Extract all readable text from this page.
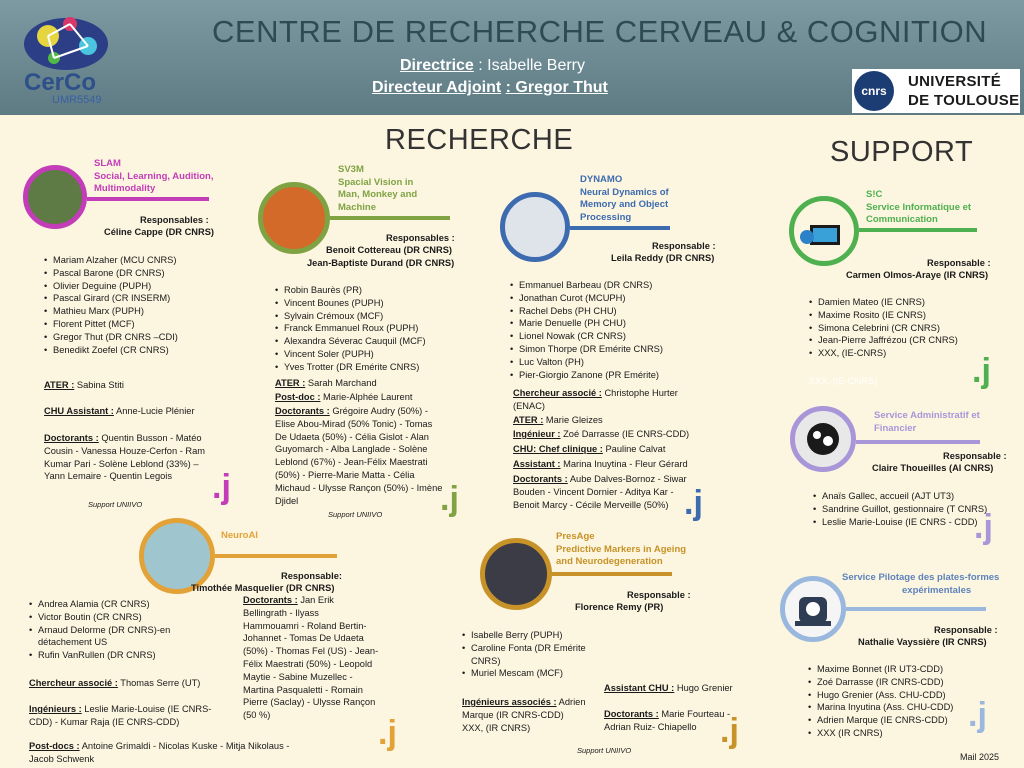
CerCo
UMR5549
CENTRE DE RECHERCHE CERVEAU & COGNITION
Directrice : Isabelle Berry
Directeur Adjoint : Gregor Thut	cnrs
UNIVERSITÉ
DE TOULOUSE
RECHERCHE	SUPPORT
SLAM
Social, Learning, Audition,
Multimodality
Responsables :
Céline Cappe (DR CNRS)
• Mariam Alzaher (MCU CNRS)
• Pascal Barone (DR CNRS)
• Olivier Deguine (PUPH)
• Pascal Girard (CR INSERM)
• Mathieu Marx (PUPH)
• Florent Pittet (MCF)
• Gregor Thut (DR CNRS –CDI)
• Benedikt Zoefel (CR CNRS)
ATER : Sabina Stiti
CHU Assistant : Anne-Lucie Plénier
Doctorants : Quentin Busson - Matéo
Cousin - Vanessa Houze-Cerfon - Ram
Kumar Pari - Solène Leblond (33%) –
Yann Lemaire - Quentin Legois
Support UNIIVO .j
SV3M
Spacial Vision in
Man, Monkey and
Machine
Responsables :
Benoit Cottereau (DR CNRS)
Jean-Baptiste Durand (DR CNRS)
• Robin Baurès (PR)
• Vincent Bounes (PUPH)
• Sylvain Crémoux (MCF)
• Franck Emmanuel Roux (PUPH)
• Alexandra Séverac Cauquil (MCF)
• Vincent Soler (PUPH)
• Yves Trotter (DR Emérite CNRS)
ATER : Sarah Marchand
Post-doc : Marie-Alphée Laurent
Doctorants : Grégoire Audry (50%) -
Elise Abou-Mirad (50% Tonic) - Tomas
De Udaeta (50%) - Célia Gislot - Alan
Guyomarch - Alba Langlade - Solène
Leblond (67%) - Jean-Félix Maestrati
(50%) - Pierre-Marie Matta - Célia
Michaud - Ulysse Rançon (50%) - Imène
Djidel
Support UNIIVO .j
DYNAMO
Neural Dynamics of
Memory and Object
Processing
Responsable :
Leila Reddy (DR CNRS)
• Emmanuel Barbeau (DR CNRS)
• Jonathan Curot (MCUPH)
• Rachel Debs (PH CHU)
• Marie Denuelle (PH CHU)
• Lionel Nowak (CR CNRS)
• Simon Thorpe (DR Emérite CNRS)
• Luc Valton (PH)
• Pier-Giorgio Zanone (PR Emérite)
Chercheur associé : Christophe Hurter
(ENAC)
ATER : Marie Gleizes
Ingénieur : Zoé Darrasse (IE CNRS-CDD)
CHU: Chef clinique : Pauline Calvat
Assistant : Marina Inuytina - Fleur Gérard
Doctorants : Aube Dalves-Bornoz - Siwar
Bouden - Vincent Dornier - Aditya Kar -
Benoit Marcy - Cécile Merveille (50%) .j
NeuroAI
Responsable:
Timothée Masquelier (DR CNRS)
• Andrea Alamia (CR CNRS)
• Victor Boutin (CR CNRS)
• Arnaud Delorme (DR CNRS)-en
détachement US
• Rufin VanRullen (DR CNRS)
Doctorants : Jan Erik
Bellingrath - Ilyass
Hammouamri - Roland Bertin-
Johannet - Tomas De Udaeta
(50%) - Thomas Fel (US) - Jean-
Félix Maestrati (50%) - Leopold
Maytie - Sabine Muzellec -
Martina Pasqualetti - Romain
Pierre (Saclay) - Ulysse Rançon
(50 %)
Chercheur associé : Thomas Serre (UT)
Ingénieurs : Leslie Marie-Louise (IE CNRS-
CDD) - Kumar Raja (IE CNRS-CDD)
Post-docs : Antoine Grimaldi - Nicolas Kuske - Mitja Nikolaus -
Jacob Schwenk
.j
PresAge
Predictive Markers in Ageing
and Neurodegeneration
Responsable :
Florence Remy (PR)
• Isabelle Berry (PUPH)
• Caroline Fonta (DR Emérite
CNRS)
• Muriel Mescam (MCF)
Ingénieurs associés : Adrien
Marque (IR CNRS-CDD)
XXX, (IR CNRS)
Assistant CHU : Hugo Grenier
Doctorants : Marie Fourteau -
Adrian Ruiz- Chiapello
Support UNIIVO
.j
S!C
Service Informatique et
Communication
Responsable :
Carmen Olmos-Araye (IR CNRS)
• Damien Mateo (IE CNRS)
• Maxime Rosito (IE CNRS)
• Simona Celebrini (CR CNRS)
• Jean-Pierre Jaffrézou (CR CNRS)
• XXX, (IE-CNRS)
XXX, (IE-CNRS)	.j
Service Administratif et
Financier
Responsable :
Claire Thoueilles (AI CNRS)
• Anaïs Gallec, accueil (AJT UT3)
• Sandrine Guillot, gestionnaire (T CNRS)
• Leslie Marie-Louise (IE CNRS - CDD)
.j
Service Pilotage des plates-formes
expérimentales
Responsable :
Nathalie Vayssière (IR CNRS)
• Maxime Bonnet (IR UT3-CDD)
• Zoé Darrasse (IR CNRS-CDD)
• Hugo Grenier (Ass. CHU-CDD)
• Marina Inyutina (Ass. CHU-CDD)
• Adrien Marque (IE CNRS-CDD)
• XXX (IR CNRS)	.j
Mail 2025
